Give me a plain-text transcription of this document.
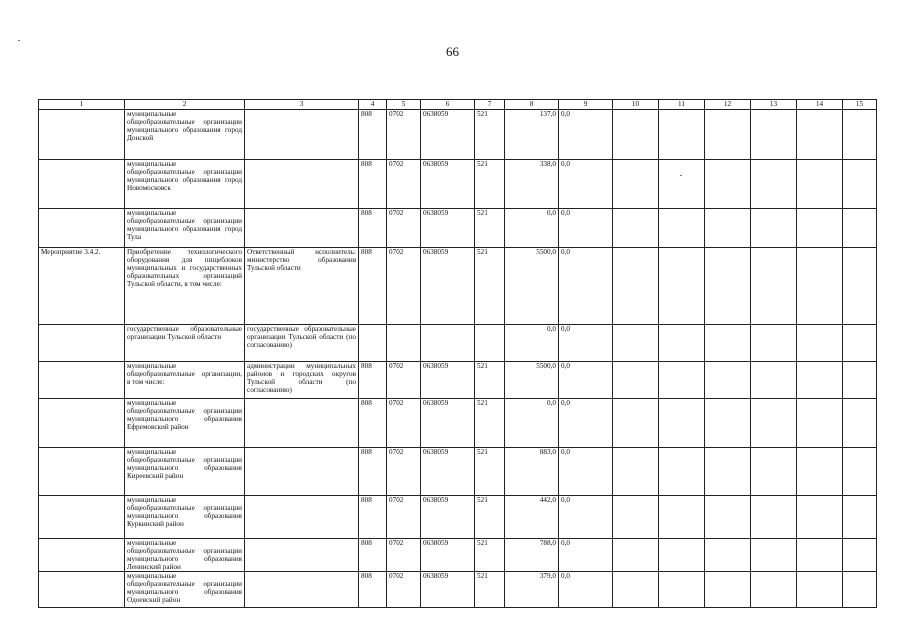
66
1	2	3	4	5	6	7	8	9	10	11	12	13	14	15
	муниципальные общеобразовательные организации муниципального образования город Донской		808	0702	0638059	521	137,0	0,0						
	муниципальные общеобразовательные организации муниципального образования город Новомосковск		808	0702	0638059	521	338,0	0,0						
	муниципальные общеобразовательные организации муниципального образования город Тула		808	0702	0638059	521	0,0	0,0						
Мероприятие 3.4.2.	Приобретение технологического оборудования для пищеблоков муниципальных и государственных образовательных организаций Тульской области, в том числе:	Ответственный исполнитель: министерство образования Тульской области	808	0702	0638059	521	5500,0	0,0						
	государственные образовательные организации Тульской области	государственные образовательные организации Тульской области (по согласованию)					0,0	0,0						
	муниципальные общеобразовательные организации, в том числе:	администрации муниципальных районов и городских округов Тульской области (по согласованию)	808	0702	0638059	521	5500,0	0,0						
	муниципальные общеобразовательные организации муниципального образования Ефремовский район		808	0702	0638059	521	0,0	0,0						
	муниципальные общеобразовательные организации муниципального образования Киреевский район		808	0702	0638059	521	883,0	0,0						
	муниципальные общеобразовательные организации муниципального образования Куркинский район		808	0702	0638059	521	442,0	0,0						
	муниципальные общеобразовательные организации муниципального образования Ленинский район		808	0702	0638059	521	788,0	0,0						
	муниципальные общеобразовательные организации муниципального образования Одоевский район		808	0702	0638059	521	379,0	0,0						
